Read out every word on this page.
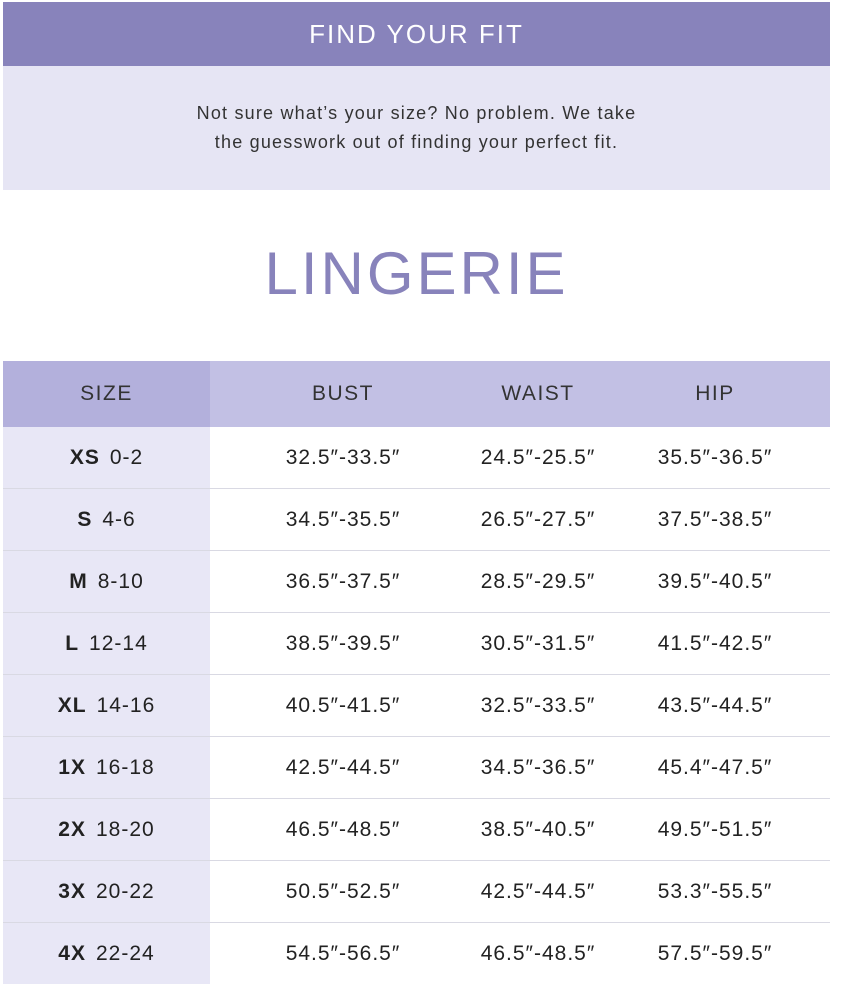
FIND YOUR FIT
Not sure what’s your size? No problem. We take
the guesswork out of finding your perfect fit.
LINGERIE
SIZE	BUST	WAIST	HIP
XS 0-2	32.5″-33.5″	24.5″-25.5″	35.5″-36.5″
S 4-6	34.5″-35.5″	26.5″-27.5″	37.5″-38.5″
M 8-10	36.5″-37.5″	28.5″-29.5″	39.5″-40.5″
L 12-14	38.5″-39.5″	30.5″-31.5″	41.5″-42.5″
XL 14-16	40.5″-41.5″	32.5″-33.5″	43.5″-44.5″
1X 16-18	42.5″-44.5″	34.5″-36.5″	45.4″-47.5″
2X 18-20	46.5″-48.5″	38.5″-40.5″	49.5″-51.5″
3X 20-22	50.5″-52.5″	42.5″-44.5″	53.3″-55.5″
4X 22-24	54.5″-56.5″	46.5″-48.5″	57.5″-59.5″
